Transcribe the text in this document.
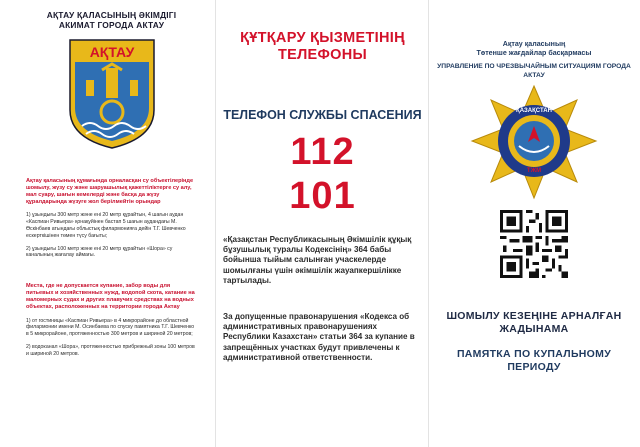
АҚТАУ ҚАЛАСЫНЫҢ ӘКІМДІГІ
АКИМАТ ГОРОДА АКТАУ
АҚТАУ
Ақтау қаласының құмағында орналасқан су объектілерінде шомылу, жүзу су және шаруашылық қажеттіліктерге су алу, мал суару, шағын кемелерді және басқа да жүзу құралдарында жүзуге жол берілмейтін орындар
1) ұзындығы 300 метр және ені 20 метр құрайтын, 4 шағын аудан «Каспиан Ривьера» қонақүйінен бастап 5 шағын аудандағы М. Өскінбаев атындағы облыстық филармонияға дейін Т.Г. Шевченко ескерткішінен төмен түсу бағыты;
2) ұзындығы 100 метр және ені 20 метр құрайтын «Шора» су каналының жағалау аймағы.
Места, где не допускается купание, забор воды для питьевых и хозяйственных нужд, водопой скота, катание на маломерных судах и других плавучих средствах на водных объектах, расположенных на территории города Актау
1) от гостиницы «Каспиан Ривьера» в 4 микрорайоне до областной филармонии имени М. Осинбаева по спуску памятника Т.Г. Шевченко в 5 микрорайоне, протяженностью 300 метров и шириной 20 метров;
2) водоканал «Шора», протяженностью прибрежный зоны 100 метров и шириной 20 метров.
ҚҰТҚАРУ ҚЫЗМЕТІНІҢ ТЕЛЕФОНЫ
ТЕЛЕФОН СЛУЖБЫ СПАСЕНИЯ
112
101
«Қазақстан Республикасының Әкімшілік құқық бұзушылық туралы Кодексінің» 364 бабы бойынша тыйым салынған учаскелерде шомылғаны үшін әкімшілік жауапкершілікке тартылады.
За допущенные правонарушения «Кодекса об административных правонарушениях Республики Казахстан» статьи 364 за купание в запрещённых участках будут привлечены к административной ответственности.
Ақтау қаласының
Төтенше жағдайлар басқармасы
УПРАВЛЕНИЕ ПО ЧРЕЗВЫЧАЙНЫМ СИТУАЦИЯМ ГОРОДА АКТАУ
ҚАЗАҚСТАН
ТЖМ
ШОМЫЛУ КЕЗЕҢІНЕ АРНАЛҒАН ЖАДЫНАМА
ПАМЯТКА ПО КУПАЛЬНОМУ ПЕРИОДУ
